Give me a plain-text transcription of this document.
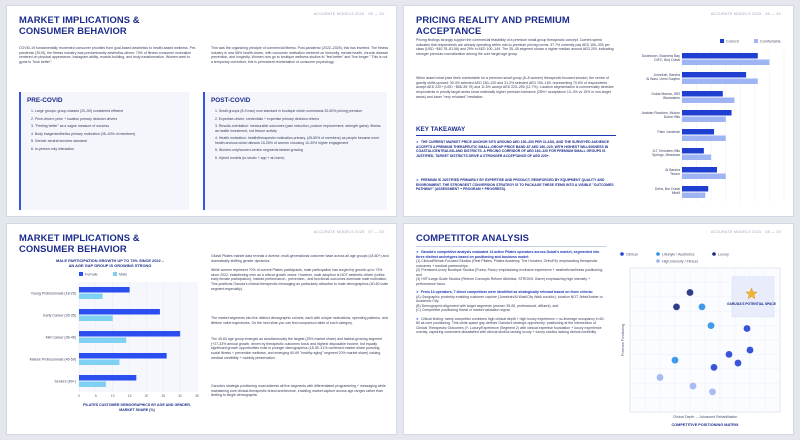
ACCURATE MODELS 2025 05 — 30
MARKET IMPLICATIONS &
CONSUMER BEHAVIOR
COVID-19 fundamentally reoriented consumer priorities from goal-based aesthetics to health-based wellness. Pre-pandemic (2019), the fitness industry was predominantly aesthetics-driven: 70% of fitness consumer motivation centered on physical appearance, Instagram-ability, muscle-building, and body transformation. Women went to gyms to "look better."
This was the organizing principle of commercial fitness. Post-pandemic (2022–2025), this has inverted. The fitness industry is now 58% health-driven, with consumer motivation centered on immunity, mental health, chronic disease prevention, and longevity. Women now go to boutique wellness studios to "feel better" and "live longer." This is not a temporary correction; this is permanent reorientation of consumer psychology.
PRE-COVID
1. Large groups: group classes (20–50) considered efficient
2. Price-driven: price + location primary decision drivers
3. "Feeling better" as a vague measure of success
4. Body image/aesthetics primary motivation (35–40% of members)
5. Gender-neutral services standard
6. In-person only interaction
POST-COVID
1. Small groups (8-9 max) now standard in boutique which commands 20-50% pricing premium
2. Expertise-driven: credentials + expertise primary decision drivers
3. Results-orientation: measurable outcomes (pain reduction, posture improvement, strength gains). fitness as health investment, not leisure activity
4. Health motivation: health/therapeutic motivation primary. (45-55% of members) as people became more health anxious which attracts 15-25% of women choosing 10-30% higher engagement
5. Women-only/women-centric segments fastest growing
6. Hybrid models (in-studio + app + at-home)
ACCURATE MODELS 2025 06 — 30
PRICING REALITY AND PREMIUM
ACCEPTANCE
Pricing findings strongly support the commercial feasibility of a premium small-group therapeutic concept. Current spend indicates that respondents are already operating within mid-to-premium pricing norms: 37.7% currently pay AED 150–300 per class (USD ~$40.78–81.56) and 29% in AED 100–149. The 35–45 segment shows a higher median around AED 200, indicating stronger premium normalization among the core target age group.
When asked what price feels comfortable for a premium small group (6–8 women) therapeutic focused session, the centre of gravity shifts upward: 39.4% selected AED 180–220 and 31.2% selected AED 150–180, representing 70.6% of respondents accept AED 220+ (USD ~$58–59.79) and 11.5% accept AED 220–250 (11.7%). Location segmentation is commercially decisive: respondents in priority target areas show materially higher premium tolerance (28%+ acceptance 10–4% vs 15% in non-target areas) and lower "very reluctant" hesitation.
KEY TAKEAWAY
➤ THE CURRENT MARKET PRICE ANCHOR SITS AROUND AED 150–200 PER CLASS, AND THE SURVEYED AUDIENCE ACCEPTS A PREMIUM THERAPEUTIC SMALL-GROUP PRICE BAND AT AED 180–220, WITH HIGHEST WILLINGNESS IN COASTAL/CENTRAL/ISLAND DISTRICTS. A PRICING CORRIDOR OF AED 180–220 FOR PREMIUM SMALL GROUPS IS JUSTIFIED, TARGET DISTRICTS DRIVE A STRONGER ACCEPTANCE OF AED 220+.
➤ PREMIUM IS JUSTIFIED PRIMARILY BY EXPERTISE AND PRODUCT, REINFORCED BY EQUIPMENT QUALITY AND ENVIRONMENT. THE STRONGEST CONVERSION STRATEGY IS TO PACKAGE THESE ITEMS INTO A VISIBLE "OUTCOMES PATHWAY" (ASSESSMENT + PROGRAM + PROGRESS).
Current	Comfortable
Downtown, Business Bay
DIFC, Burj Dubai
Jumeirah, Barsha
Al Wasl, Umm Suqeim
Dubai Marina, JBR
Bluewaters
Arabian Ranches, Mudon
Dubai Hills
Palm Jumeirah
JLT, Emirates Hills
Springs, Meadows
Al Barsha
Tecom
Deira, Bur Dubai
Mirdif
ACCURATE MODELS 2025 07 — 30
MARKET IMPLICATIONS &
CONSUMER BEHAVIOR
MALE PARTICIPATION GROWTH UP TO 73% SINCE 2022 –
AN AGE GAP GROUP IS GROWING STRONG
Female	Male
0	5	10	15	20	25	30	35
Young Professionals (18-25)
Early Career (26-35)
Mid Career (36-45)
Mature Professionals (46-59)
Seniors (60+)
PILATES CUSTOMER DEMOGRAPHICS BY AGE AND GENDER,
MARKET SHARE (%)
Global Pilates market data reveals a diverse, multi-generational customer base across all age groups (18-60+) and dramatically shifting gender dynamics.
While women represent 70% of current Pilates participants, male participation has surged by growth up to 73% since 2022, establishing men as a critical growth vector. However, male adoption is NOT aesthetic-driven (unlike early female participation), instead performance-, prevention-, and functional outcomes dominate male motivation. This positions Garuda's clinical-therapeutic messaging as particularly attractive to male demographics (40-60 male segment especially).
The market segments into five distinct demographic cohorts, each with unique motivations, spending patterns, and lifetime value trajectories. On the next slide you can find comparison table of each category.
The 45-60 age group emerges as simultaneously the largest (25% market share) and fastest-growing segment (+27-33% annual growth, driven by therapeutic outcomes focus and highest disposable income, but equally significant growth opportunities exist in younger demographics (18-35: 41% combined market share pursuing social fitness + prevention wellness, and emerging 60-69 "healthy aging" segment 20% market share) valuing medical credibility + mobility preservation.
Garuda's strategic positioning must address all five segments with differentiated programming + messaging while maintaining core clinical-therapeutic brand architecture, enabling market capture across age ranges rather than limiting to single demographic.
ACCURATE MODELS 2025 08 — 30
COMPETITOR ANALYSIS
➤ Garuda's competitive analysis evaluated 14 active Pilates operators across Dubai's market, segmented into three distinct archetypes based on positioning and business model:
(1) Clinical/Rehab-Focused Studios (Rest Pilates, Pilates Academy, The Hundred, OrthoFit): emphasizing therapeutic outcomes + medical partnerships;
(2) Premium/Luxury Boutique Studios (Purea, Paus): emphasizing exclusive experience + aesthetic/wellness positioning; and
(3) HIIT/Large-Scale Studios (Reform Concepts Reform Athletica, STRONG, Barre) emphasizing high intensity + performance focus.
➤ From 14 operators, 7 direct competitors were identified as strategically relevant based on three criteria:
(A) Geographic proximity enabling customer capture (Jumeirah/Al Wasl/City Walk corridor), location NOT Jebel/Amber or Academic City;
(B) Demographic alignment with target segments (women 35-65, professional, affluent), and
(C) Competitive positioning threat or market validation signal.
➤ Critical finding: rarely competitor combines high clinical depth + high luxury experience = no-leverage occupancy in 60-80 as core positioning. This white-space gap defines Garuda's strategic opportunity: positioning at the intersection of Clinical Therapeutic Outcomes (Y: Luxury/Experience (Segment 2) with clinical expertise foundation + luxury experience overlay, capturing customers dissatisfied with clinical studios lacking luxury + luxury studios lacking clinical credibility.
Clinical	Lifestyle / Aesthetics	Luxury
High intensity / Fitness
GARUDA'S POTENTIAL SPACE
Premium Positioning
Clinical Depth → Advanced Rehabilitation
COMPETITIVE POSITIONING MATRIX
